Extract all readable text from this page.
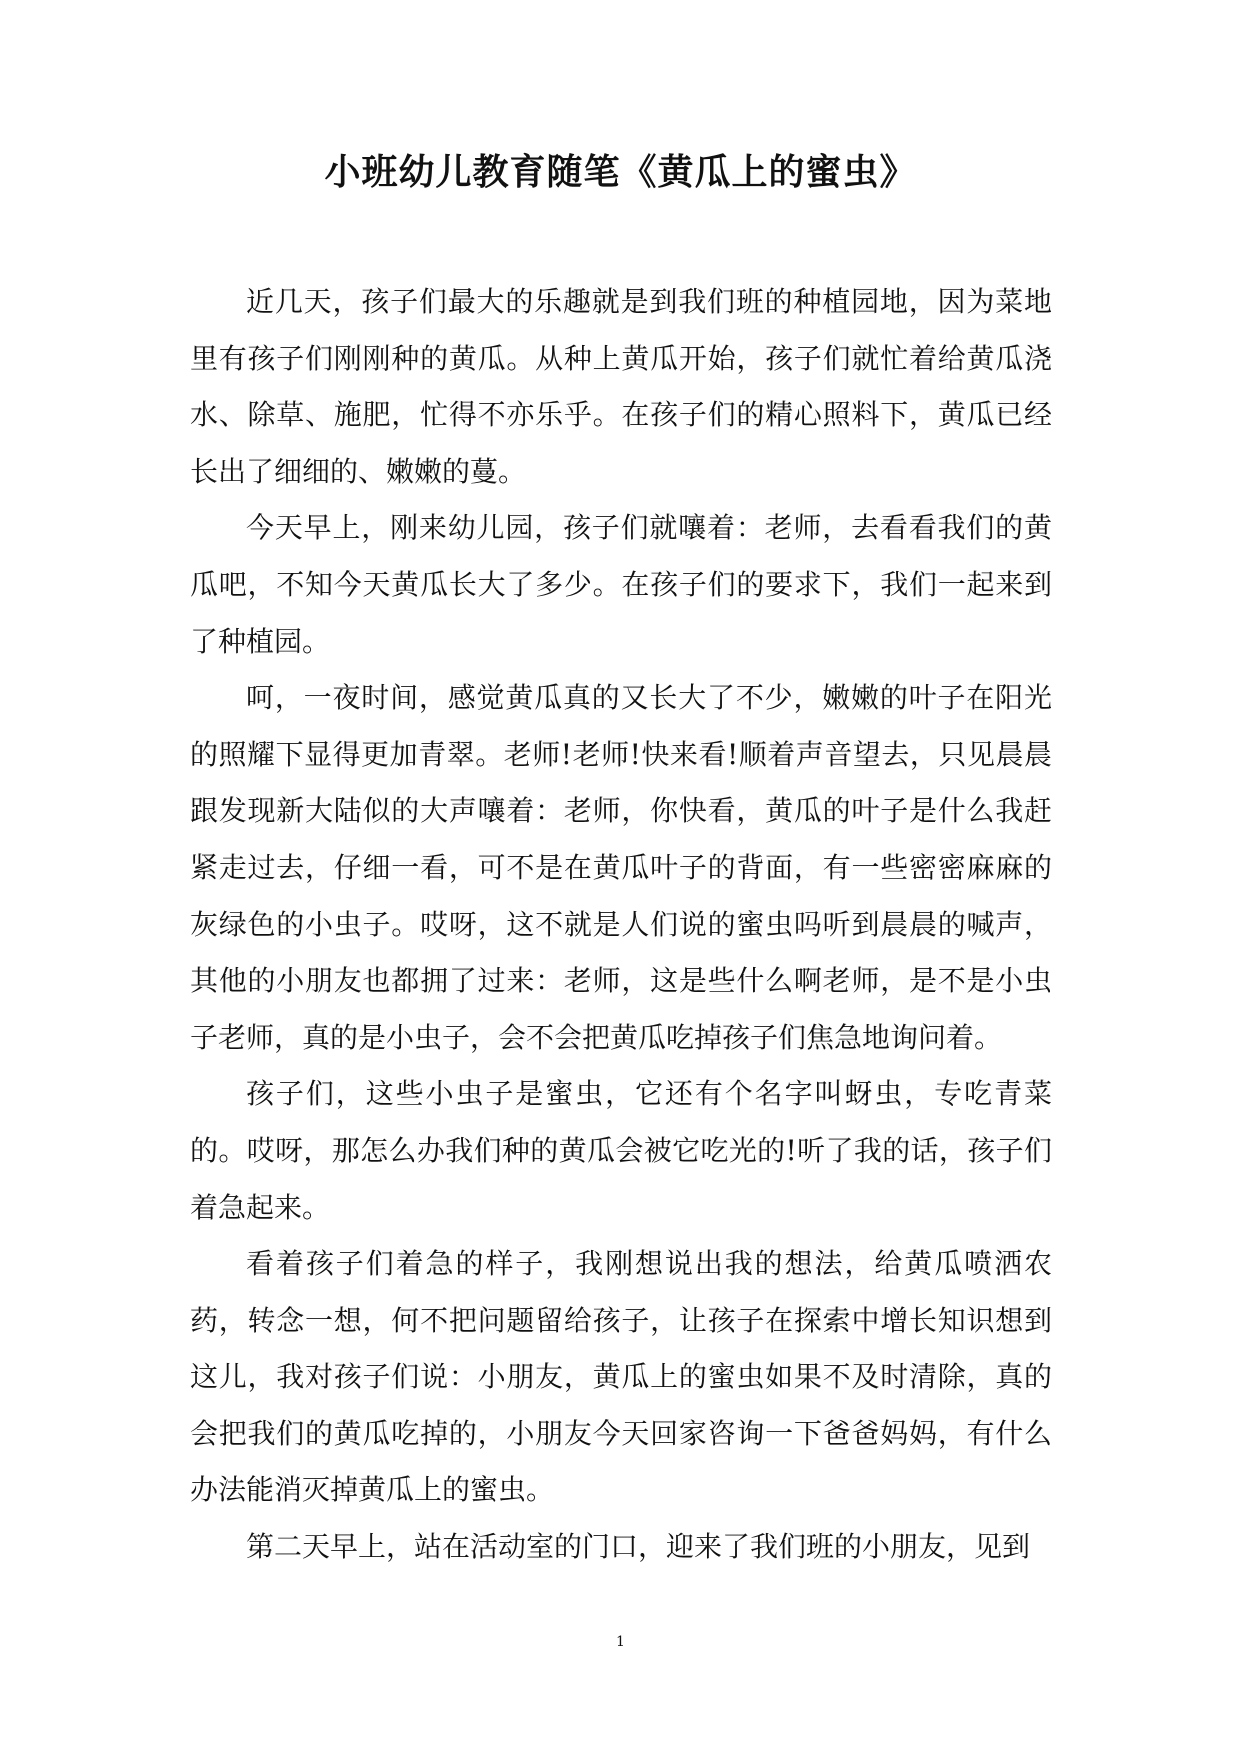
小班幼儿教育随笔《黄瓜上的蜜虫》

近几天，孩子们最大的乐趣就是到我们班的种植园地，因为菜地里有孩子们刚刚种的黄瓜。从种上黄瓜开始，孩子们就忙着给黄瓜浇水、除草、施肥，忙得不亦乐乎。在孩子们的精心照料下，黄瓜已经长出了细细的、嫩嫩的蔓。

今天早上，刚来幼儿园，孩子们就嚷着：老师，去看看我们的黄瓜吧，不知今天黄瓜长大了多少。在孩子们的要求下，我们一起来到了种植园。

呵，一夜时间，感觉黄瓜真的又长大了不少，嫩嫩的叶子在阳光的照耀下显得更加青翠。老师!老师!快来看!顺着声音望去，只见晨晨跟发现新大陆似的大声嚷着：老师，你快看，黄瓜的叶子是什么我赶紧走过去，仔细一看，可不是在黄瓜叶子的背面，有一些密密麻麻的灰绿色的小虫子。哎呀，这不就是人们说的蜜虫吗听到晨晨的喊声，其他的小朋友也都拥了过来：老师，这是些什么啊老师，是不是小虫子老师，真的是小虫子，会不会把黄瓜吃掉孩子们焦急地询问着。

孩子们，这些小虫子是蜜虫，它还有个名字叫蚜虫，专吃青菜的。哎呀，那怎么办我们种的黄瓜会被它吃光的!听了我的话，孩子们着急起来。

看着孩子们着急的样子，我刚想说出我的想法，给黄瓜喷洒农药，转念一想，何不把问题留给孩子，让孩子在探索中增长知识想到这儿，我对孩子们说：小朋友，黄瓜上的蜜虫如果不及时清除，真的会把我们的黄瓜吃掉的，小朋友今天回家咨询一下爸爸妈妈，有什么办法能消灭掉黄瓜上的蜜虫。

第二天早上，站在活动室的门口，迎来了我们班的小朋友，见到

1
